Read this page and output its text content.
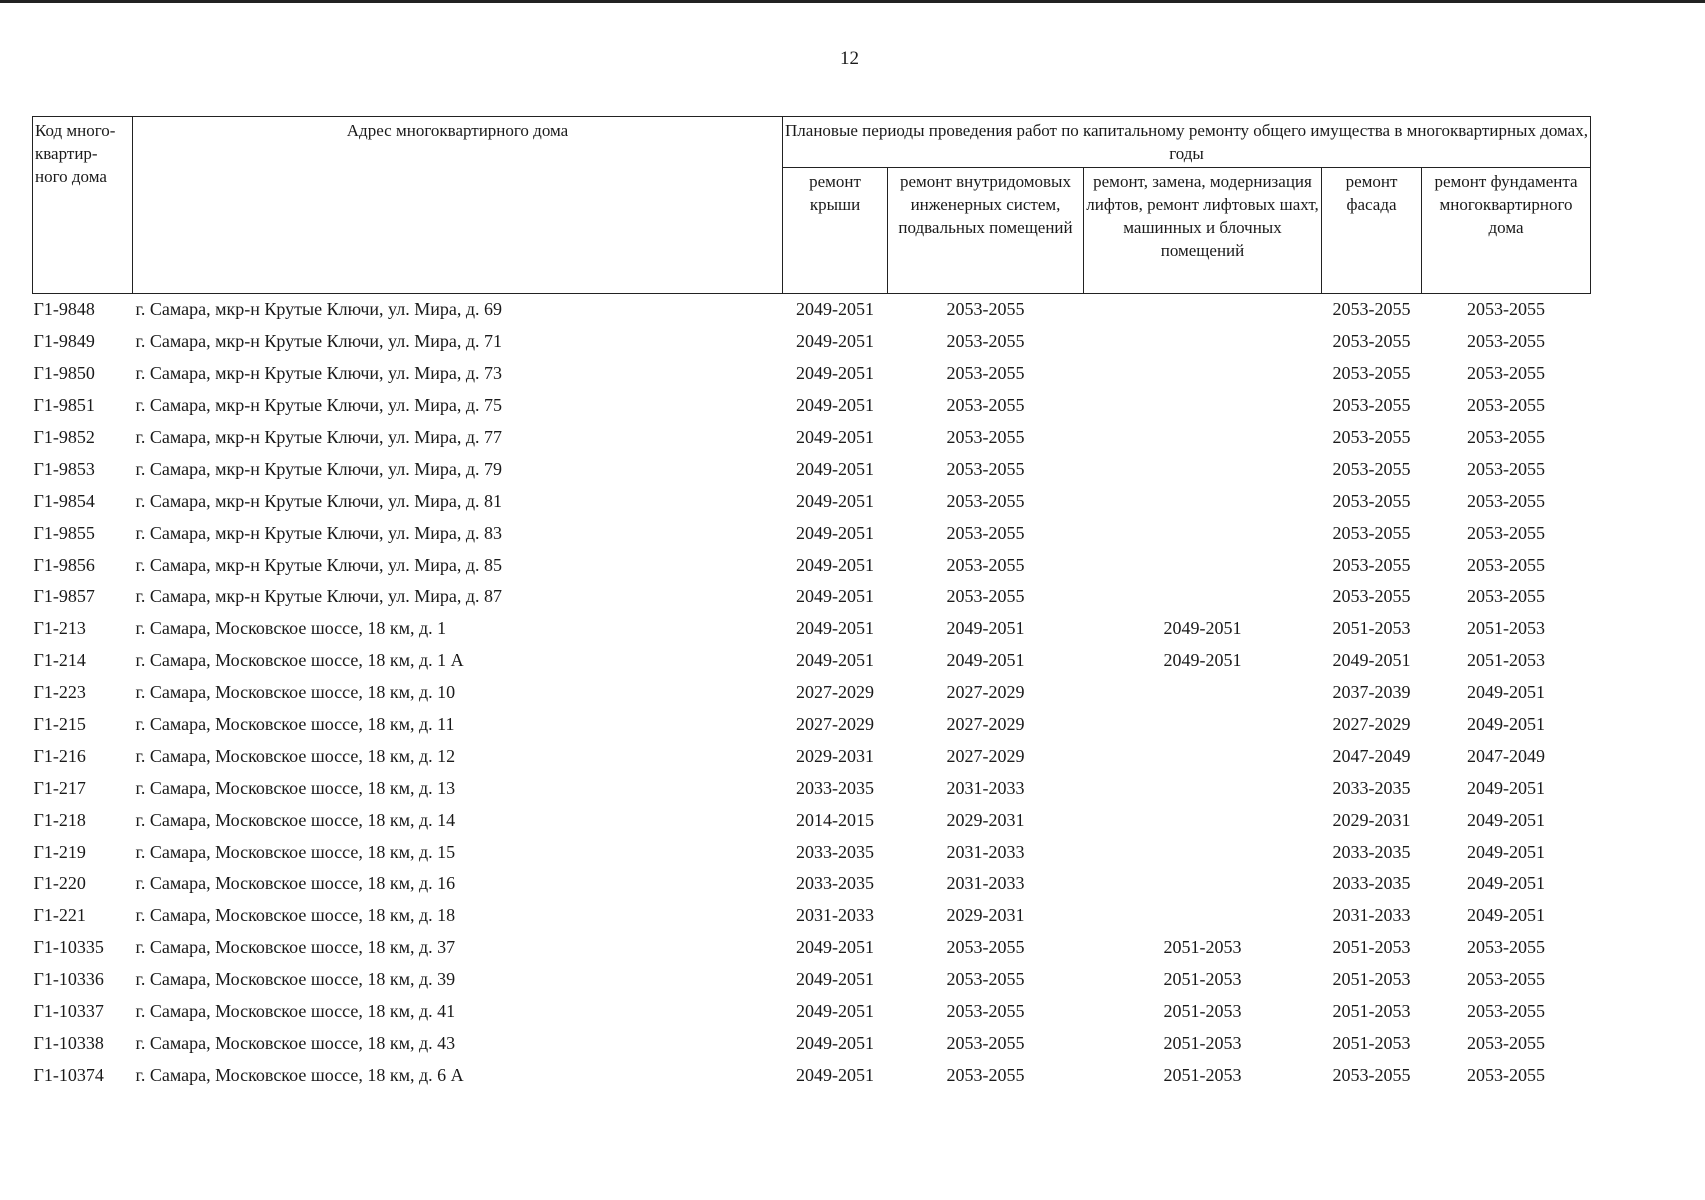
12
Код много-квартир-ного дома	Адрес многоквартирного дома	Плановые периоды проведения работ по капитальному ремонту общего имущества в многоквартирных домах, годы				
		ремонт крыши	ремонт внутридомовых инженерных систем, подвальных помещений	ремонт, замена, модернизация лифтов, ремонт лифтовых шахт, машинных и блочных помещений	ремонт фасада	ремонт фундамента многоквартирного дома
Г1-9848	г. Самара, мкр-н Крутые Ключи, ул. Мира, д. 69	2049-2051	2053-2055		2053-2055	2053-2055
Г1-9849	г. Самара, мкр-н Крутые Ключи, ул. Мира, д. 71	2049-2051	2053-2055		2053-2055	2053-2055
Г1-9850	г. Самара, мкр-н Крутые Ключи, ул. Мира, д. 73	2049-2051	2053-2055		2053-2055	2053-2055
Г1-9851	г. Самара, мкр-н Крутые Ключи, ул. Мира, д. 75	2049-2051	2053-2055		2053-2055	2053-2055
Г1-9852	г. Самара, мкр-н Крутые Ключи, ул. Мира, д. 77	2049-2051	2053-2055		2053-2055	2053-2055
Г1-9853	г. Самара, мкр-н Крутые Ключи, ул. Мира, д. 79	2049-2051	2053-2055		2053-2055	2053-2055
Г1-9854	г. Самара, мкр-н Крутые Ключи, ул. Мира, д. 81	2049-2051	2053-2055		2053-2055	2053-2055
Г1-9855	г. Самара, мкр-н Крутые Ключи, ул. Мира, д. 83	2049-2051	2053-2055		2053-2055	2053-2055
Г1-9856	г. Самара, мкр-н Крутые Ключи, ул. Мира, д. 85	2049-2051	2053-2055		2053-2055	2053-2055
Г1-9857	г. Самара, мкр-н Крутые Ключи, ул. Мира, д. 87	2049-2051	2053-2055		2053-2055	2053-2055
Г1-213	г. Самара, Московское шоссе, 18 км, д. 1	2049-2051	2049-2051	2049-2051	2051-2053	2051-2053
Г1-214	г. Самара, Московское шоссе, 18 км, д. 1 А	2049-2051	2049-2051	2049-2051	2049-2051	2051-2053
Г1-223	г. Самара, Московское шоссе, 18 км, д. 10	2027-2029	2027-2029		2037-2039	2049-2051
Г1-215	г. Самара, Московское шоссе, 18 км, д. 11	2027-2029	2027-2029		2027-2029	2049-2051
Г1-216	г. Самара, Московское шоссе, 18 км, д. 12	2029-2031	2027-2029		2047-2049	2047-2049
Г1-217	г. Самара, Московское шоссе, 18 км, д. 13	2033-2035	2031-2033		2033-2035	2049-2051
Г1-218	г. Самара, Московское шоссе, 18 км, д. 14	2014-2015	2029-2031		2029-2031	2049-2051
Г1-219	г. Самара, Московское шоссе, 18 км, д. 15	2033-2035	2031-2033		2033-2035	2049-2051
Г1-220	г. Самара, Московское шоссе, 18 км, д. 16	2033-2035	2031-2033		2033-2035	2049-2051
Г1-221	г. Самара, Московское шоссе, 18 км, д. 18	2031-2033	2029-2031		2031-2033	2049-2051
Г1-10335	г. Самара, Московское шоссе, 18 км, д. 37	2049-2051	2053-2055	2051-2053	2051-2053	2053-2055
Г1-10336	г. Самара, Московское шоссе, 18 км, д. 39	2049-2051	2053-2055	2051-2053	2051-2053	2053-2055
Г1-10337	г. Самара, Московское шоссе, 18 км, д. 41	2049-2051	2053-2055	2051-2053	2051-2053	2053-2055
Г1-10338	г. Самара, Московское шоссе, 18 км, д. 43	2049-2051	2053-2055	2051-2053	2051-2053	2053-2055
Г1-10374	г. Самара, Московское шоссе, 18 км, д. 6 А	2049-2051	2053-2055	2051-2053	2053-2055	2053-2055
